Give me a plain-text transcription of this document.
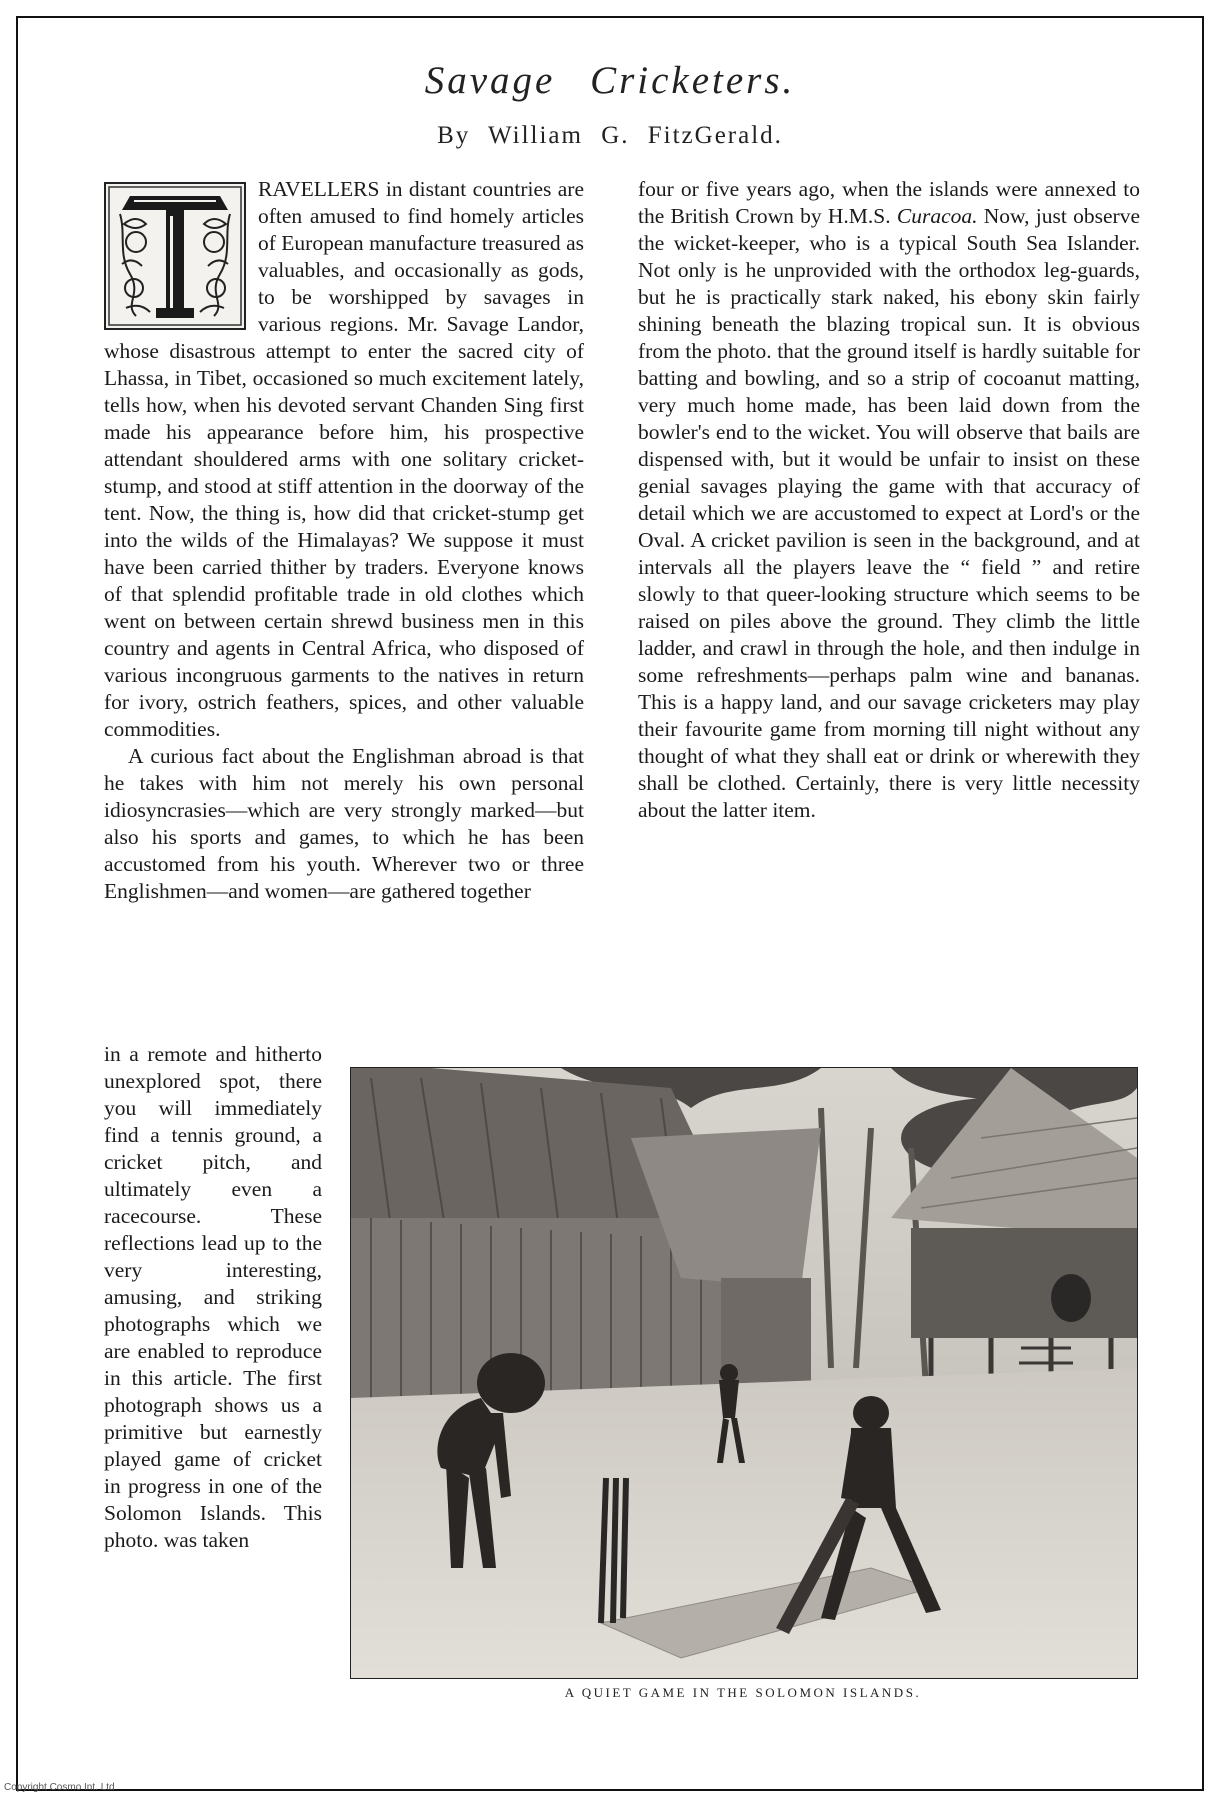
Savage Cricketers.
By William G. FitzGerald.

RAVELLERS in distant countries are often amused to find homely articles of European manufacture treasured as valuables, and occasionally as gods, to be worshipped by savages in various regions. Mr. Savage Landor, whose disastrous attempt to enter the sacred city of Lhassa, in Tibet, occasioned so much excitement lately, tells how, when his devoted servant Chanden Sing first made his appearance before him, his prospective attendant shouldered arms with one solitary cricket-stump, and stood at stiff attention in the doorway of the tent. Now, the thing is, how did that cricket-stump get into the wilds of the Himalayas? We suppose it must have been carried thither by traders. Everyone knows of that splendid profitable trade in old clothes which went on between certain shrewd business men in this country and agents in Central Africa, who disposed of various incongruous garments to the natives in return for ivory, ostrich feathers, spices, and other valuable commodities.

A curious fact about the Englishman abroad is that he takes with him not merely his own personal idiosyncrasies—which are very strongly marked—but also his sports and games, to which he has been accustomed from his youth. Wherever two or three Englishmen—and women—are gathered together

in a remote and hitherto unexplored spot, there you will immediately find a tennis ground, a cricket pitch, and ultimately even a racecourse. These reflections lead up to the very interesting, amusing, and striking photographs which we are enabled to reproduce in this article. The first photograph shows us a primitive but earnestly played game of cricket in progress in one of the Solomon Islands. This photo. was taken

four or five years ago, when the islands were annexed to the British Crown by H.M.S. Curacoa. Now, just observe the wicket-keeper, who is a typical South Sea Islander. Not only is he unprovided with the orthodox leg-guards, but he is practically stark naked, his ebony skin fairly shining beneath the blazing tropical sun. It is obvious from the photo. that the ground itself is hardly suitable for batting and bowling, and so a strip of cocoanut matting, very much home made, has been laid down from the bowler's end to the wicket. You will observe that bails are dispensed with, but it would be unfair to insist on these genial savages playing the game with that accuracy of detail which we are accustomed to expect at Lord's or the Oval. A cricket pavilion is seen in the background, and at intervals all the players leave the “ field ” and retire slowly to that queer-looking structure which seems to be raised on piles above the ground. They climb the little ladder, and crawl in through the hole, and then indulge in some refreshments—perhaps palm wine and bananas. This is a happy land, and our savage cricketers may play their favourite game from morning till night without any thought of what they shall eat or drink or wherewith they shall be clothed. Certainly, there is very little necessity about the latter item.

A QUIET GAME IN THE SOLOMON ISLANDS.
Copyright Cosmo Int. Ltd
